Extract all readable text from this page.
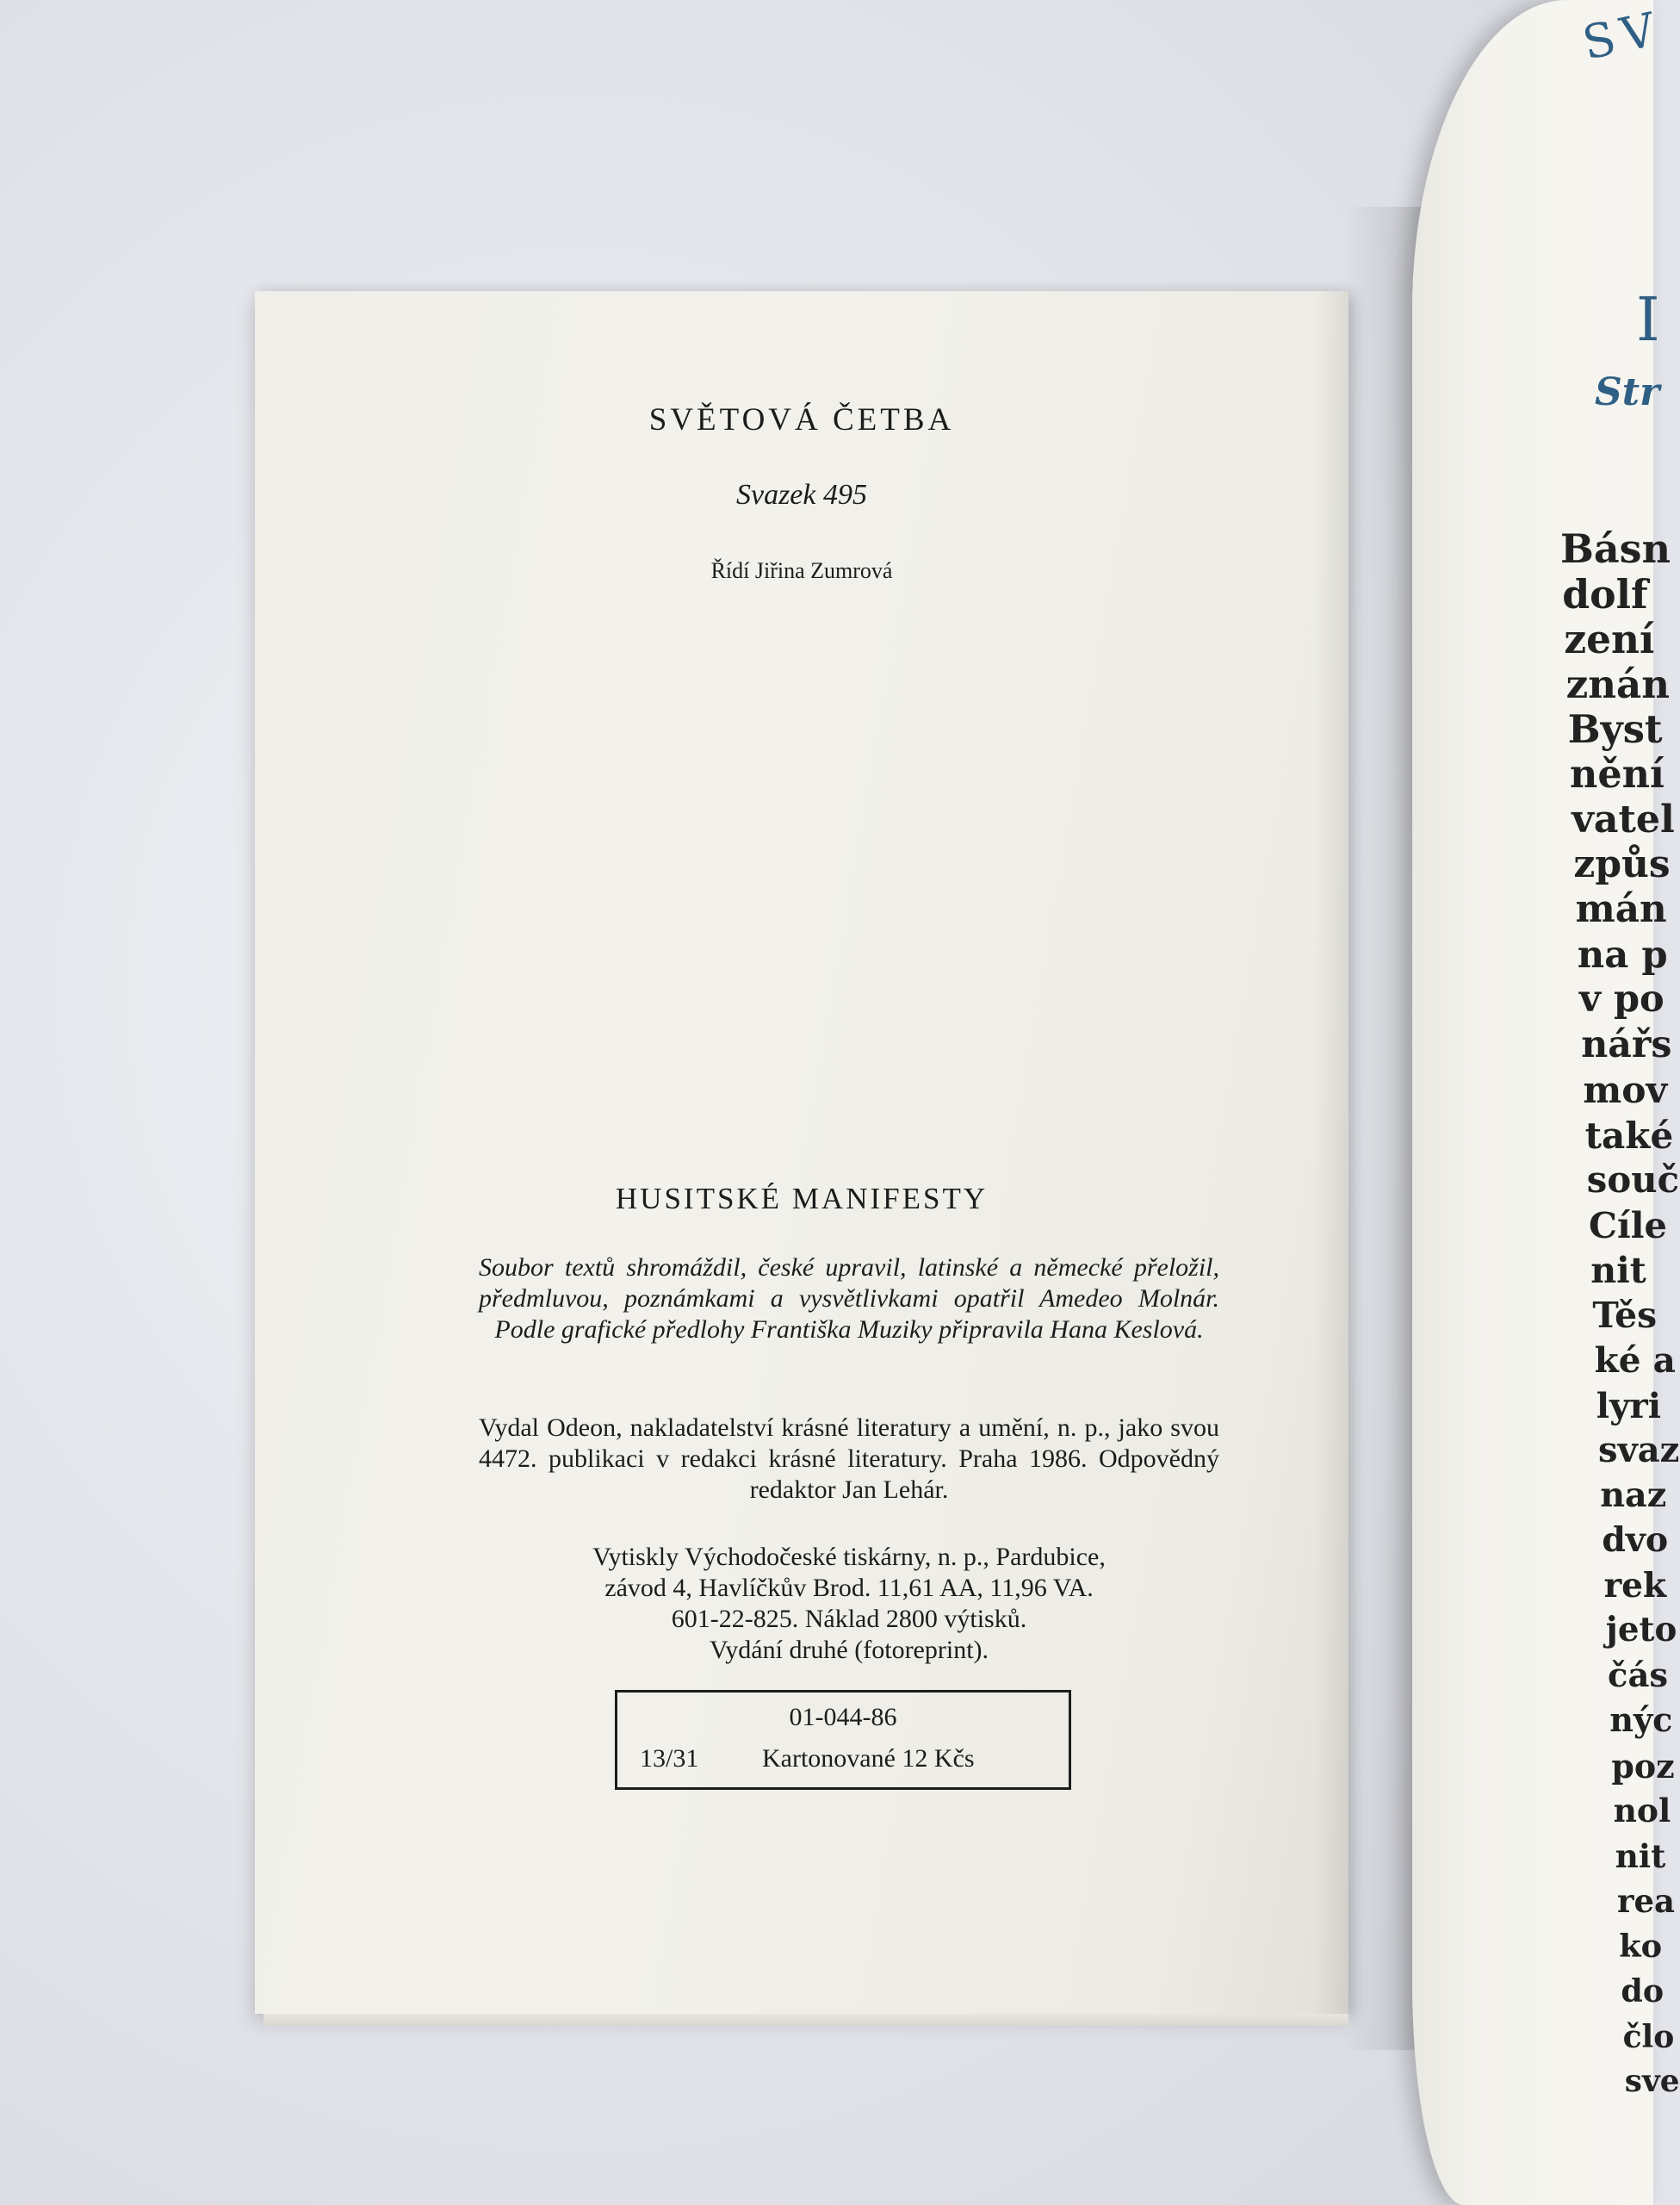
SV
I
Str
Básn
dolf
zení
znán
Byst
nění
vatel
způs
mán
na p
v po
nářs
mov
také
souč
Cíle
nit
Těs
ké a
lyri
svaz
naz
dvo
rek
jeto
čás
nýc
poz
nol
nit
rea
ko
do
člo
sve
SVĚTOVÁ ČETBA
Svazek 495
Řídí Jiřina Zumrová
HUSITSKÉ MANIFESTY
Soubor textů shromáždil, české upravil, latinské a německé přeložil, předmluvou, poznámkami a vysvětlivkami opatřil Amedeo Molnár. Podle grafické předlohy Františka Muziky připravila Hana Keslová.
Vydal Odeon, nakladatelství krásné literatury a umění, n. p., jako svou 4472. publikaci v redakci krásné literatury. Praha 1986. Odpovědný redaktor Jan Lehár.
Vytiskly Východočeské tiskárny, n. p., Pardubice,
závod 4, Havlíčkův Brod. 11,61 AA, 11,96 VA.
601-22-825. Náklad 2800 výtisků.
Vydání druhé (fotoreprint).
01-044-86
13/31 Kartonované 12 Kčs
